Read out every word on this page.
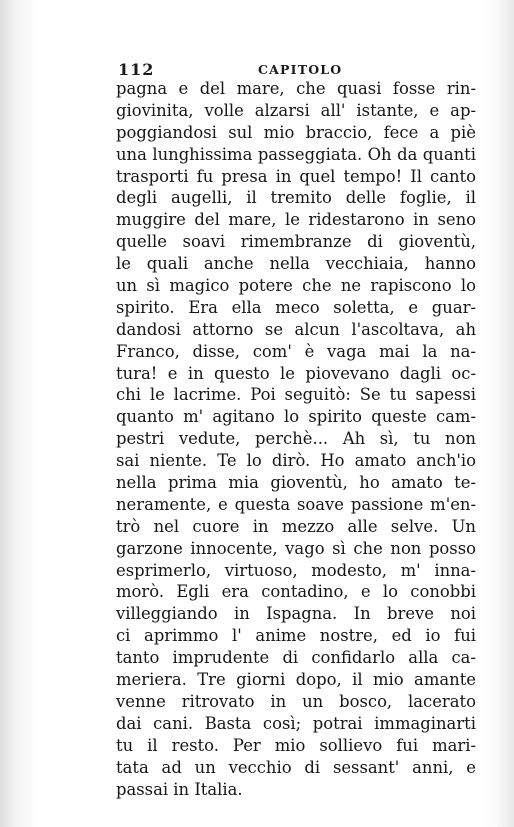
112	CAPITOLO
pagna e del mare, che quasi fosse rin-
giovinita, volle alzarsi all' istante, e ap-
poggiandosi sul mio braccio, fece a piè
una lunghissima passeggiata. Oh da quanti
trasporti fu presa in quel tempo! Il canto
degli augelli, il tremito delle foglie, il
muggire del mare, le ridestarono in seno
quelle soavi rimembranze di gioventù,
le quali anche nella vecchiaia, hanno
un sì magico potere che ne rapiscono lo
spirito. Era ella meco soletta, e guar-
dandosi attorno se alcun l'ascoltava, ah
Franco, disse, com' è vaga mai la na-
tura! e in questo le piovevano dagli oc-
chi le lacrime. Poi seguitò: Se tu sapessi
quanto m' agitano lo spirito queste cam-
pestri vedute, perchè... Ah sì, tu non
sai niente. Te lo dirò. Ho amato anch'io
nella prima mia gioventù, ho amato te-
neramente, e questa soave passione m'en-
trò nel cuore in mezzo alle selve. Un
garzone innocente, vago sì che non posso
esprimerlo, virtuoso, modesto, m' inna-
morò. Egli era contadino, e lo conobbi
villeggiando in Ispagna. In breve noi
ci aprimmo l' anime nostre, ed io fui
tanto imprudente di confidarlo alla ca-
meriera. Tre giorni dopo, il mio amante
venne ritrovato in un bosco, lacerato
dai cani. Basta così; potrai immaginarti
tu il resto. Per mio sollievo fui mari-
tata ad un vecchio di sessant' anni, e
passai in Italia.
